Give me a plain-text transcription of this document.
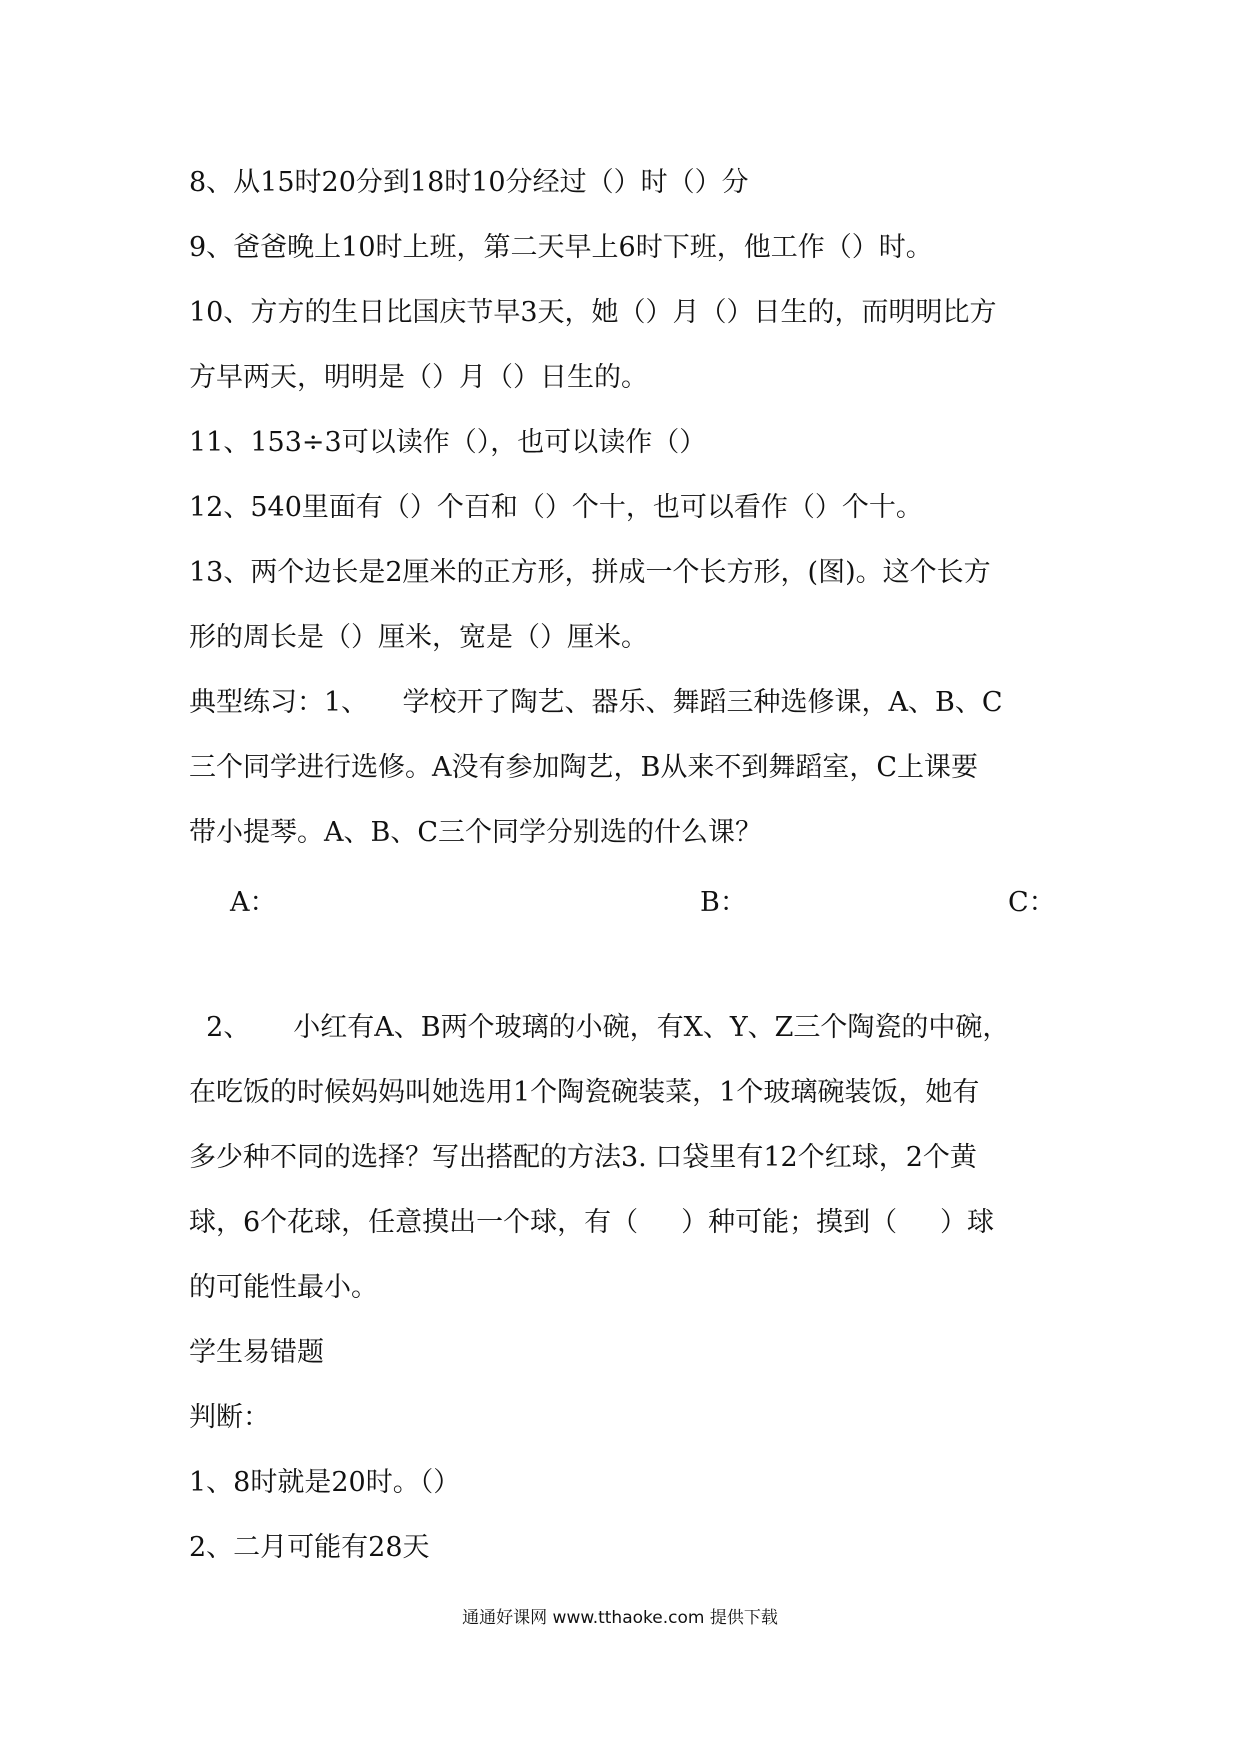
8、从15时20分到18时10分经过（）时（）分
9、爸爸晚上10时上班，第二天早上6时下班，他工作（）时。
10、方方的生日比国庆节早3天，她（）月（）日生的，而明明比方
方早两天，明明是（）月（）日生的。
11、153÷3可以读作（），也可以读作（）
12、540里面有（）个百和（）个十，也可以看作（）个十。
13、两个边长是2厘米的正方形，拼成一个长方形，(图)。这个长方
形的周长是（）厘米，宽是（）厘米。
典型练习：1、    学校开了陶艺、器乐、舞蹈三种选修课，A、B、C
三个同学进行选修。A没有参加陶艺，B从来不到舞蹈室，C上课要
带小提琴。A、B、C三个同学分别选的什么课？
A：	B：	C：
2、     小红有A、B两个玻璃的小碗，有X、Y、Z三个陶瓷的中碗，
在吃饭的时候妈妈叫她选用1个陶瓷碗装菜，1个玻璃碗装饭，她有
多少种不同的选择？写出搭配的方法3. 口袋里有12个红球，2个黄
球，6个花球，任意摸出一个球，有（     ）种可能；摸到（     ）球
的可能性最小。
学生易错题
判断：
1、8时就是20时。（）
2、二月可能有28天
通通好课网 www.tthaoke.com 提供下载
